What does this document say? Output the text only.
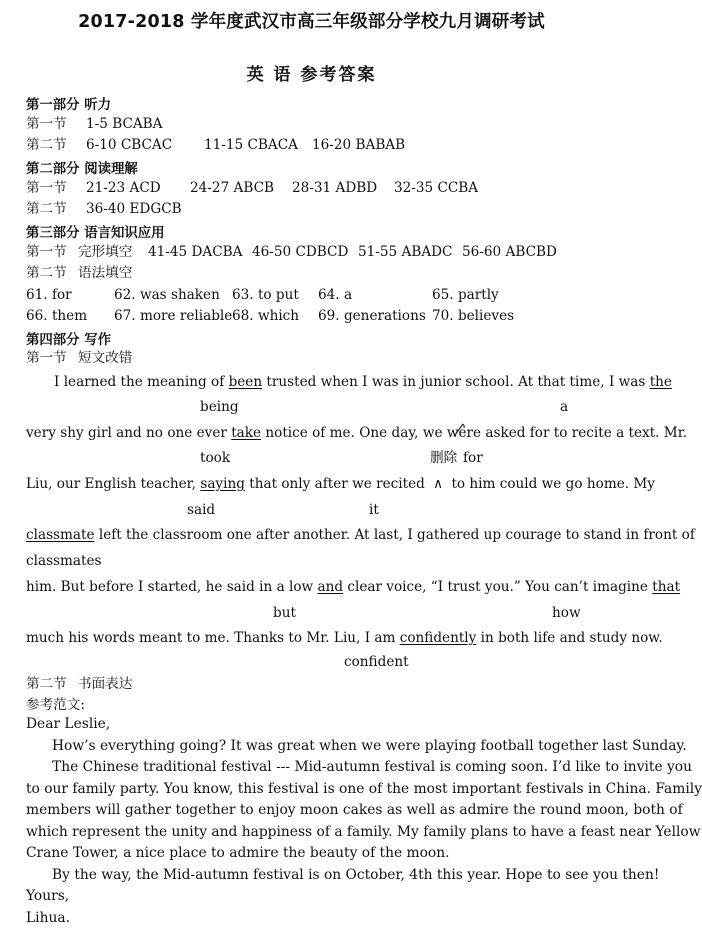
2017-2018 学年度武汉市高三年级部分学校九月调研考试
英 语 参考答案
第一部分 听力
第一节 1-5 BCABA
第二节 6-10 CBCAC 11-15 CBACA 16-20 BABAB
第二部分 阅读理解
第一节 21-23 ACD 24-27 ABCB 28-31 ADBD 32-35 CCBA
第二节 36-40 EDGCB
第三部分 语言知识应用
第一节 完形填空 41-45 DACBA 46-50 CDBCD 51-55 ABADC 56-60 ABCBD
第二节 语法填空
61. for	62. was shaken 63. to put 64. a	65. partly
66. them 67. more reliable 68. which 69. generations 70. believes
第四部分 写作
第一节 短文改错
I learned the meaning of been trusted when I was in junior school. At that time, I was the
being	a
very shy girl and no one ever take notice of me. One day, we were asked for to recite a text. Mr.
took	删除 for
Liu, our English teacher, saying that only after we recited ∧ to him could we go home. My
said	it
classmate left the classroom one after another. At last, I gathered up courage to stand in front of
classmates
him. But before I started, he said in a low and clear voice, “I trust you.” You can’t imagine that
but	how
much his words meant to me. Thanks to Mr. Liu, I am confidently in both life and study now.
confident
第二节 书面表达
参考范文:
Dear Leslie,
How’s everything going? It was great when we were playing football together last Sunday.
The Chinese traditional festival --- Mid-autumn festival is coming soon. I’d like to invite you
to our family party. You know, this festival is one of the most important festivals in China. Family
members will gather together to enjoy moon cakes as well as admire the round moon, both of
which represent the unity and happiness of a family. My family plans to have a feast near Yellow
Crane Tower, a nice place to admire the beauty of the moon.
By the way, the Mid-autumn festival is on October, 4th this year. Hope to see you then!
Yours,
Lihua.
